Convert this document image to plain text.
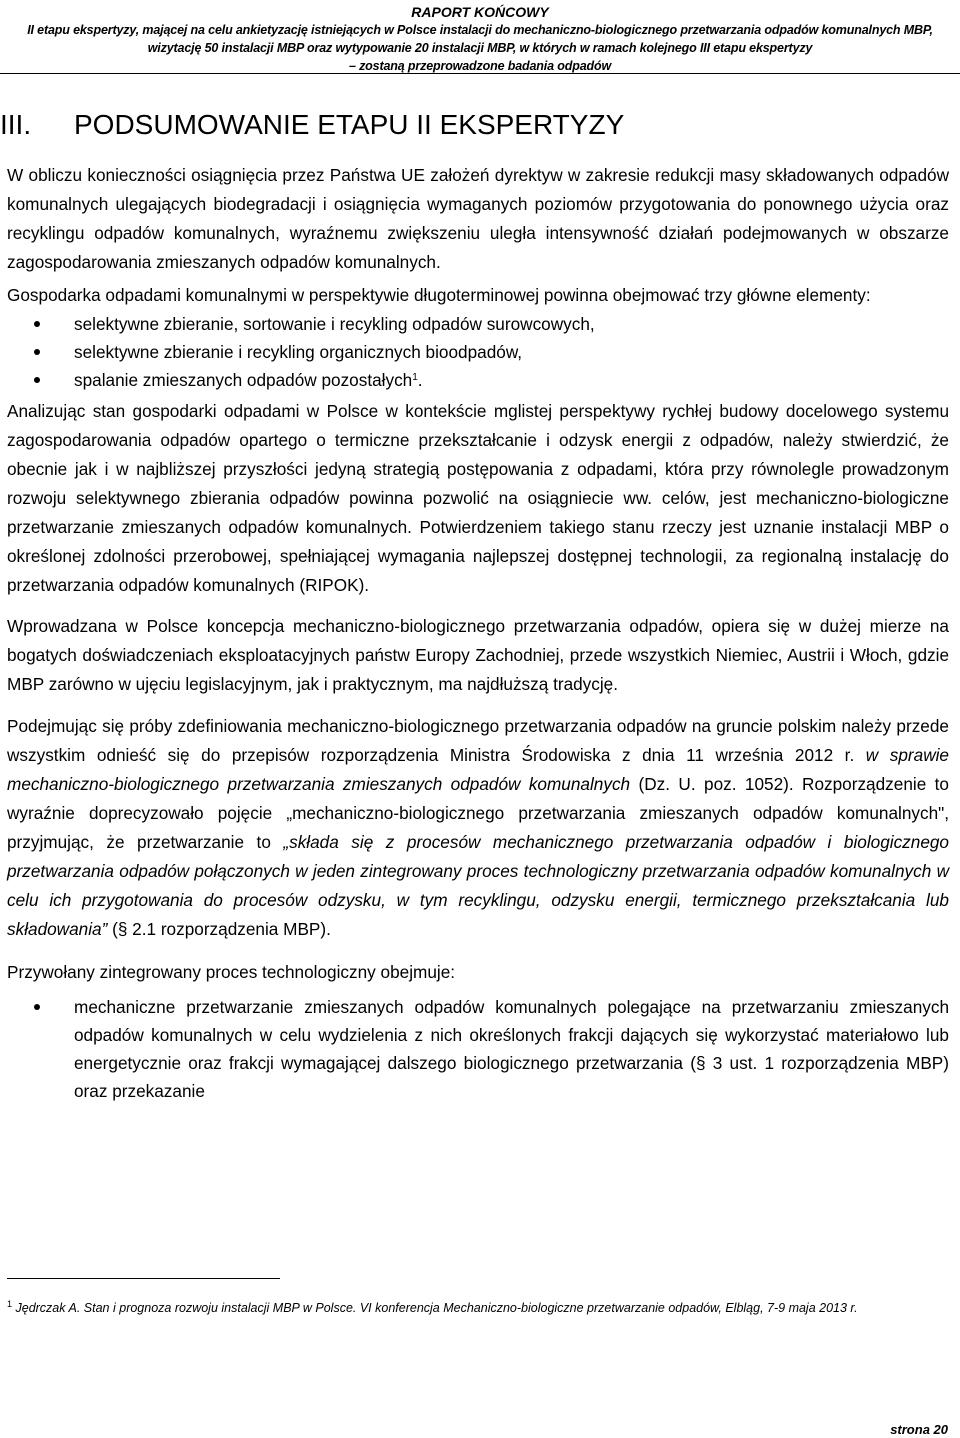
RAPORT KOŃCOWY
II etapu ekspertyzy, mającej na celu ankietyzację istniejących w Polsce instalacji do mechaniczno-biologicznego przetwarzania odpadów komunalnych MBP,
wizytację 50 instalacji MBP oraz wytypowanie 20 instalacji MBP, w których w ramach kolejnego III etapu ekspertyzy
– zostaną przeprowadzone badania odpadów
III. PODSUMOWANIE ETAPU II EKSPERTYZY

W obliczu konieczności osiągnięcia przez Państwa UE założeń dyrektyw w zakresie redukcji masy składowanych odpadów komunalnych ulegających biodegradacji i osiągnięcia wymaganych poziomów przygotowania do ponownego użycia oraz recyklingu odpadów komunalnych, wyraźnemu zwiększeniu uległa intensywność działań podejmowanych w obszarze zagospodarowania zmieszanych odpadów komunalnych.

Gospodarka odpadami komunalnymi w perspektywie długoterminowej powinna obejmować trzy główne elementy:

selektywne zbieranie, sortowanie i recykling odpadów surowcowych,
selektywne zbieranie i recykling organicznych bioodpadów,
spalanie zmieszanych odpadów pozostałych$^1$.

Analizując stan gospodarki odpadami w Polsce w kontekście mglistej perspektywy rychłej budowy docelowego systemu zagospodarowania odpadów opartego o termiczne przekształcanie i odzysk energii z odpadów, należy stwierdzić, że obecnie jak i w najbliższej przyszłości jedyną strategią postępowania z odpadami, która przy równolegle prowadzonym rozwoju selektywnego zbierania odpadów powinna pozwolić na osiągniecie ww. celów, jest mechaniczno-biologiczne przetwarzanie zmieszanych odpadów komunalnych. Potwierdzeniem takiego stanu rzeczy jest uznanie instalacji MBP o określonej zdolności przerobowej, spełniającej wymagania najlepszej dostępnej technologii, za regionalną instalację do przetwarzania odpadów komunalnych (RIPOK).

Wprowadzana w Polsce koncepcja mechaniczno-biologicznego przetwarzania odpadów, opiera się w dużej mierze na bogatych doświadczeniach eksploatacyjnych państw Europy Zachodniej, przede wszystkich Niemiec, Austrii i Włoch, gdzie MBP zarówno w ujęciu legislacyjnym, jak i praktycznym, ma najdłuższą tradycję.

Podejmując się próby zdefiniowania mechaniczno-biologicznego przetwarzania odpadów na gruncie polskim należy przede wszystkim odnieść się do przepisów rozporządzenia Ministra Środowiska z dnia 11 września 2012 r. w sprawie mechaniczno-biologicznego przetwarzania zmieszanych odpadów komunalnych (Dz. U. poz. 1052). Rozporządzenie to wyraźnie doprecyzowało pojęcie „mechaniczno-biologicznego przetwarzania zmieszanych odpadów komunalnych", przyjmując, że przetwarzanie to „składa się z procesów mechanicznego przetwarzania odpadów i biologicznego przetwarzania odpadów połączonych w jeden zintegrowany proces technologiczny przetwarzania odpadów komunalnych w celu ich przygotowania do procesów odzysku, w tym recyklingu, odzysku energii, termicznego przekształcania lub składowania” (§ 2.1 rozporządzenia MBP).

Przywołany zintegrowany proces technologiczny obejmuje:

mechaniczne przetwarzanie zmieszanych odpadów komunalnych polegające na przetwarzaniu zmieszanych odpadów komunalnych w celu wydzielenia z nich określonych frakcji dających się wykorzystać materiałowo lub energetycznie oraz frakcji wymagającej dalszego biologicznego przetwarzania (§ 3 ust. 1 rozporządzenia MBP) oraz przekazanie
$^1$ Jędrczak A. Stan i prognoza rozwoju instalacji MBP w Polsce. VI konferencja Mechaniczno-biologiczne przetwarzanie odpadów, Elbląg, 7-9 maja 2013 r.
strona 20
